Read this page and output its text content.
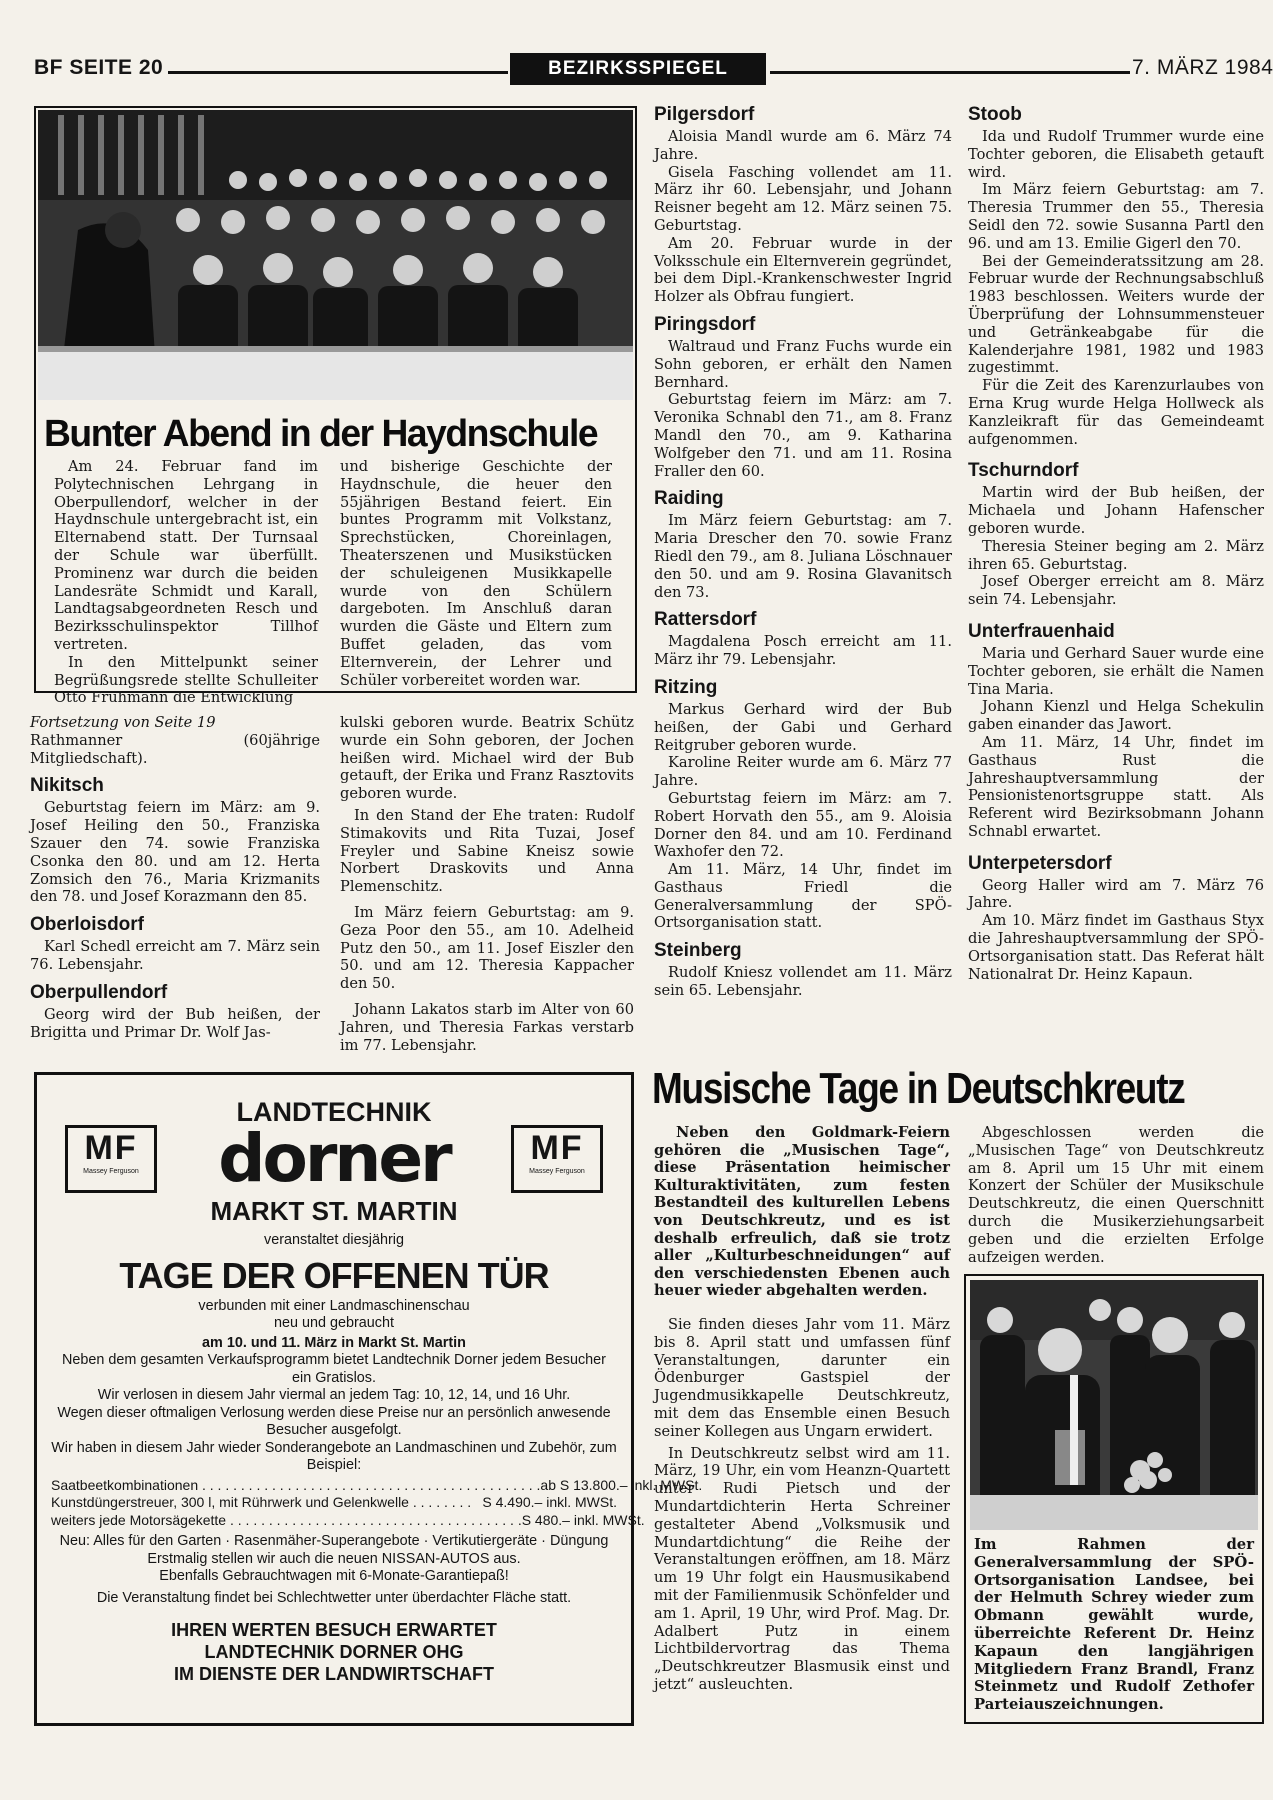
BF SEITE 20	BEZIRKSSPIEGEL	7. MÄRZ 1984
Bunter Abend in der Haydnschule

Am 24. Februar fand im Polytechnischen Lehrgang in Oberpullendorf, welcher in der Haydnschule untergebracht ist, ein Elternabend statt. Der Turnsaal der Schule war überfüllt. Prominenz war durch die beiden Landesräte Schmidt und Karall, Landtagsabgeordneten Resch und Bezirksschulinspektor Tillhof vertreten.

In den Mittelpunkt seiner Begrüßungsrede stellte Schulleiter Otto Fruhmann die Entwicklung

und bisherige Geschichte der Haydnschule, die heuer den 55jährigen Bestand feiert. Ein buntes Programm mit Volkstanz, Sprechstücken, Choreinlagen, Theaterszenen und Musikstücken der schuleigenen Musikkapelle wurde von den Schülern dargeboten. Im Anschluß daran wurden die Gäste und Eltern zum Buffet geladen, das vom Elternverein, der Lehrer und Schüler vorbereitet worden war.

Fortsetzung von Seite 19

Rathmanner (60jährige Mitgliedschaft).

Nikitsch

Geburtstag feiern im März: am 9. Josef Heiling den 50., Franziska Szauer den 74. sowie Franziska Csonka den 80. und am 12. Herta Zomsich den 76., Maria Krizmanits den 78. und Josef Korazmann den 85.

Oberloisdorf

Karl Schedl erreicht am 7. März sein 76. Lebensjahr.

Oberpullendorf

Georg wird der Bub heißen, der Brigitta und Primar Dr. Wolf Jas-

kulski geboren wurde. Beatrix Schütz wurde ein Sohn geboren, der Jochen heißen wird. Michael wird der Bub getauft, der Erika und Franz Rasztovits geboren wurde.

In den Stand der Ehe traten: Rudolf Stimakovits und Rita Tuzai, Josef Freyler und Sabine Kneisz sowie Norbert Draskovits und Anna Plemenschitz.

Im März feiern Geburtstag: am 9. Geza Poor den 55., am 10. Adelheid Putz den 50., am 11. Josef Eiszler den 50. und am 12. Theresia Kappacher den 50.

Johann Lakatos starb im Alter von 60 Jahren, und Theresia Farkas verstarb im 77. Lebensjahr.

Pilgersdorf

Aloisia Mandl wurde am 6. März 74 Jahre.

Gisela Fasching vollendet am 11. März ihr 60. Lebensjahr, und Johann Reisner begeht am 12. März seinen 75. Geburtstag.

Am 20. Februar wurde in der Volksschule ein Elternverein gegründet, bei dem Dipl.-Krankenschwester Ingrid Holzer als Obfrau fungiert.

Piringsdorf

Waltraud und Franz Fuchs wurde ein Sohn geboren, er erhält den Namen Bernhard.

Geburtstag feiern im März: am 7. Veronika Schnabl den 71., am 8. Franz Mandl den 70., am 9. Katharina Wolfgeber den 71. und am 11. Rosina Fraller den 60.

Raiding

Im März feiern Geburtstag: am 7. Maria Drescher den 70. sowie Franz Riedl den 79., am 8. Juliana Löschnauer den 50. und am 9. Rosina Glavanitsch den 73.

Rattersdorf

Magdalena Posch erreicht am 11. März ihr 79. Lebensjahr.

Ritzing

Markus Gerhard wird der Bub heißen, der Gabi und Gerhard Reitgruber geboren wurde.

Karoline Reiter wurde am 6. März 77 Jahre.

Geburtstag feiern im März: am 7. Robert Horvath den 55., am 9. Aloisia Dorner den 84. und am 10. Ferdinand Waxhofer den 72.

Am 11. März, 14 Uhr, findet im Gasthaus Friedl die Generalversammlung der SPÖ-Ortsorganisation statt.

Steinberg

Rudolf Kniesz vollendet am 11. März sein 65. Lebensjahr.

Stoob

Ida und Rudolf Trummer wurde eine Tochter geboren, die Elisabeth getauft wird.

Im März feiern Geburtstag: am 7. Theresia Trummer den 55., Theresia Seidl den 72. sowie Susanna Partl den 96. und am 13. Emilie Gigerl den 70.

Bei der Gemeinderatssitzung am 28. Februar wurde der Rechnungsabschluß 1983 beschlossen. Weiters wurde der Überprüfung der Lohnsummensteuer und Getränkeabgabe für die Kalenderjahre 1981, 1982 und 1983 zugestimmt.

Für die Zeit des Karenzurlaubes von Erna Krug wurde Helga Hollweck als Kanzleikraft für das Gemeindeamt aufgenommen.

Tschurndorf

Martin wird der Bub heißen, der Michaela und Johann Hafenscher geboren wurde.

Theresia Steiner beging am 2. März ihren 65. Geburtstag.

Josef Oberger erreicht am 8. März sein 74. Lebensjahr.

Unterfrauenhaid

Maria und Gerhard Sauer wurde eine Tochter geboren, sie erhält die Namen Tina Maria.

Johann Kienzl und Helga Schekulin gaben einander das Jawort.

Am 11. März, 14 Uhr, findet im Gasthaus Rust die Jahreshauptversammlung der Pensionistenortsgruppe statt. Als Referent wird Bezirksobmann Johann Schnabl erwartet.

Unterpetersdorf

Georg Haller wird am 7. März 76 Jahre.

Am 10. März findet im Gasthaus Styx die Jahreshauptversammlung der SPÖ-Ortsorganisation statt. Das Referat hält Nationalrat Dr. Heinz Kapaun.

MF
Massey Ferguson
MF
Massey Ferguson
LANDTECHNIK
dorner
MARKT ST. MARTIN

veranstaltet diesjährig

TAGE DER OFFENEN TÜR

verbunden mit einer Landmaschinenschau

neu und gebraucht

am 10. und 11. März in Markt St. Martin

Neben dem gesamten Verkaufsprogramm bietet Landtechnik Dorner jedem Besucher ein Gratislos.

Wir verlosen in diesem Jahr viermal an jedem Tag: 10, 12, 14, und 16 Uhr.

Wegen dieser oftmaligen Verlosung werden diese Preise nur an persönlich anwesende Besucher ausgefolgt.

Wir haben in diesem Jahr wieder Sonderangebote an Landmaschinen und Zubehör, zum Beispiel:

Saatbeetkombinationen . . . . . . . . . . . . . . . . . . . . . . . . . . . . . . . . . . . . . . . . . . . . ab S 13.800.– inkl. MWSt.
Kunstdüngerstreuer, 300 l, mit Rührwerk und Gelenkwelle . . . . . . . . S 4.490.– inkl. MWSt.
weiters jede Motorsägekette . . . . . . . . . . . . . . . . . . . . . . . . . . . . . . . . . . . . . . S 480.– inkl. MWSt.

Neu: Alles für den Garten · Rasenmäher-Superangebote · Vertikutiergeräte · Düngung

Erstmalig stellen wir auch die neuen NISSAN-AUTOS aus.

Ebenfalls Gebrauchtwagen mit 6-Monate-Garantiepaß!

Die Veranstaltung findet bei Schlechtwetter unter überdachter Fläche statt.

IHREN WERTEN BESUCH ERWARTET
LANDTECHNIK DORNER OHG
IM DIENSTE DER LANDWIRTSCHAFT
Musische Tage in Deutschkreutz

Neben den Goldmark-Feiern gehören die „Musischen Tage“, diese Präsentation heimischer Kulturaktivitäten, zum festen Bestandteil des kulturellen Lebens von Deutschkreutz, und es ist deshalb erfreulich, daß sie trotz aller „Kulturbeschneidungen“ auf den verschiedensten Ebenen auch heuer wieder abgehalten werden.

Sie finden dieses Jahr vom 11. März bis 8. April statt und umfassen fünf Veranstaltungen, darunter ein Ödenburger Gastspiel der Jugendmusikkapelle Deutschkreutz, mit dem das Ensemble einen Besuch seiner Kollegen aus Ungarn erwidert.

In Deutschkreutz selbst wird am 11. März, 19 Uhr, ein vom Heanzn-Quartett unter Rudi Pietsch und der Mundartdichterin Herta Schreiner gestalteter Abend „Volksmusik und Mundartdichtung“ die Reihe der Veranstaltungen eröffnen, am 18. März um 19 Uhr folgt ein Hausmusikabend mit der Familienmusik Schönfelder und am 1. April, 19 Uhr, wird Prof. Mag. Dr. Adalbert Putz in einem Lichtbildervortrag das Thema „Deutschkreutzer Blasmusik einst und jetzt“ ausleuchten.

Abgeschlossen werden die „Musischen Tage“ von Deutschkreutz am 8. April um 15 Uhr mit einem Konzert der Schüler der Musikschule Deutschkreutz, die einen Querschnitt durch die Musikerziehungsarbeit geben und die erzielten Erfolge aufzeigen werden.

Im Rahmen der Generalversammlung der SPÖ-Ortsorganisation Landsee, bei der Helmuth Schrey wieder zum Obmann gewählt wurde, überreichte Referent Dr. Heinz Kapaun den langjährigen Mitgliedern Franz Brandl, Franz Steinmetz und Rudolf Zethofer Parteiauszeichnungen.
